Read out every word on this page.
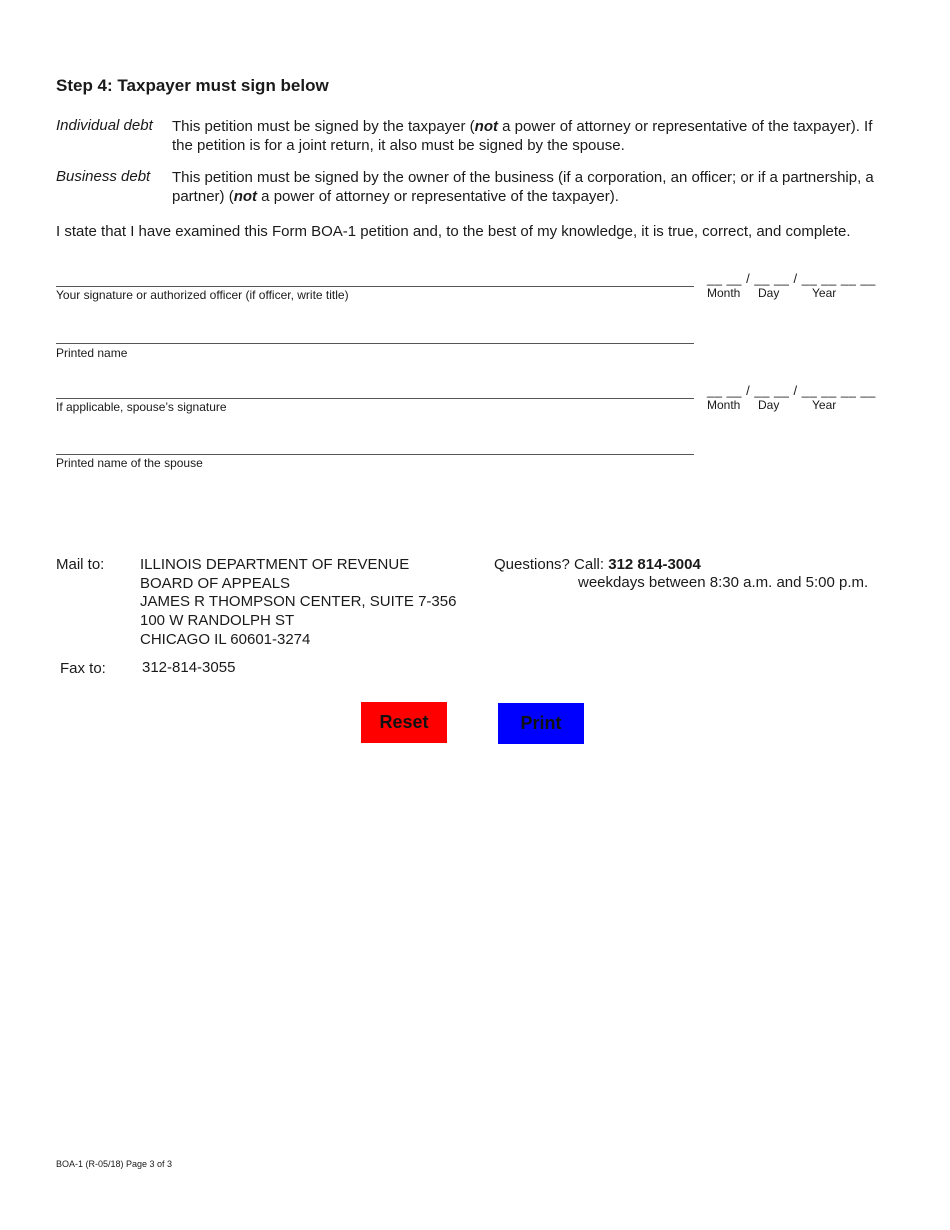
Step 4: Taxpayer must sign below
Individual debt This petition must be signed by the taxpayer (not a power of attorney or representative of the taxpayer). If the petition is for a joint return, it also must be signed by the spouse.
Business debt This petition must be signed by the owner of the business (if a corporation, an officer; or if a partnership, a partner) (not a power of attorney or representative of the taxpayer).
I state that I have examined this Form BOA-1 petition and, to the best of my knowledge, it is true, correct, and complete.
Your signature or authorized officer (if officer, write title)
__ __ / __ __ / __ __ __ __
Month Day	Year
Printed name
If applicable, spouse’s signature
__ __ / __ __ / __ __ __ __
Month Day	Year
Printed name of the spouse
Mail to: ILLINOIS DEPARTMENT OF REVENUE
BOARD OF APPEALS
JAMES R THOMPSON CENTER, SUITE 7-356
100 W RANDOLPH ST
CHICAGO IL 60601-3274
Questions? Call: 312 814-3004
weekdays between 8:30 a.m. and 5:00 p.m.
Fax to: 312-814-3055
Reset	Print
BOA-1 (R-05/18) Page 3 of 3
